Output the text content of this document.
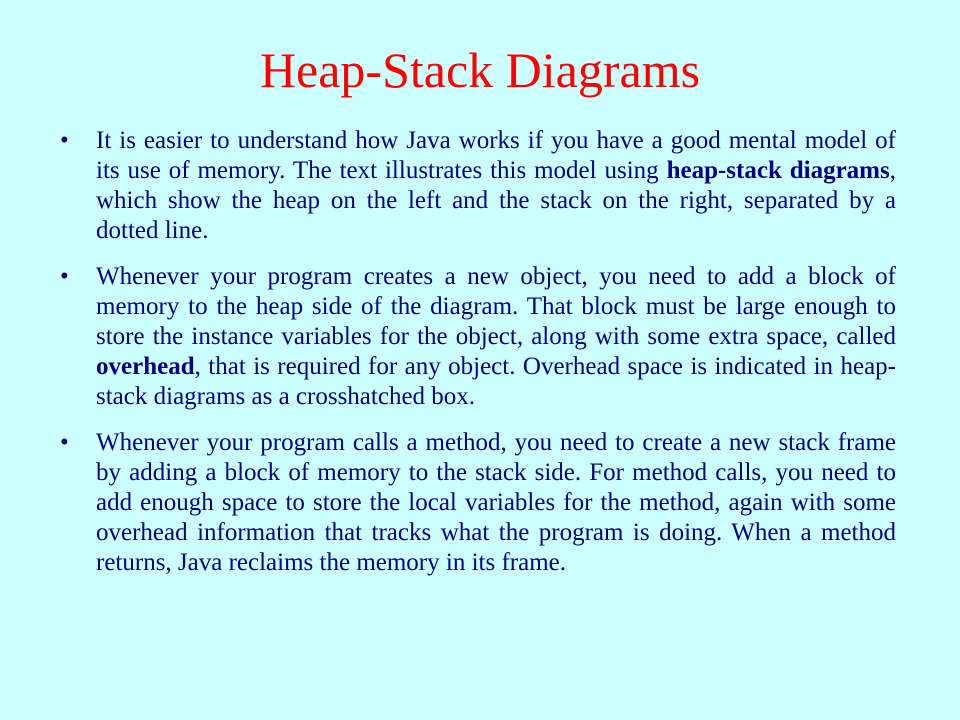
Heap-Stack Diagrams
•	It is easier to understand how Java works if you have a good mental model of its use of memory. The text illustrates this model using heap-stack diagrams, which show the heap on the left and the stack on the right, separated by a dotted line.
•	Whenever your program creates a new object, you need to add a block of memory to the heap side of the diagram. That block must be large enough to store the instance variables for the object, along with some extra space, called overhead, that is required for any object. Overhead space is indicated in heap-stack diagrams as a crosshatched box.
•	Whenever your program calls a method, you need to create a new stack frame by adding a block of memory to the stack side. For method calls, you need to add enough space to store the local variables for the method, again with some overhead information that tracks what the program is doing. When a method returns, Java reclaims the memory in its frame.
